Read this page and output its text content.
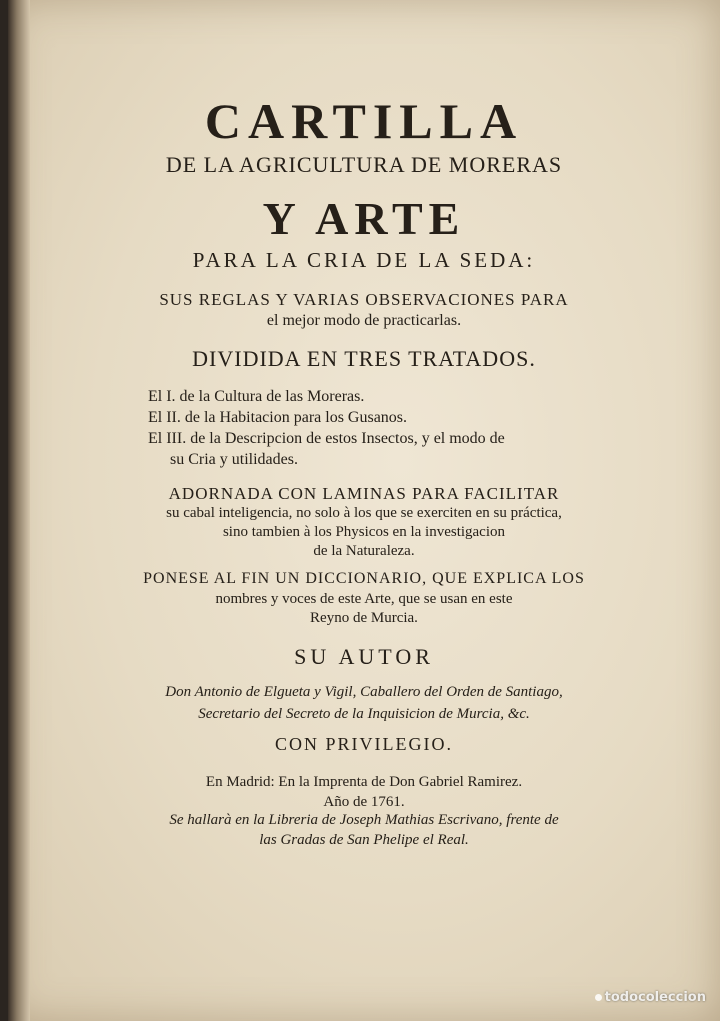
CARTILLA
DE LA AGRICULTURA DE MORERAS
Y ARTE
PARA LA CRIA DE LA SEDA:
SUS REGLAS Y VARIAS OBSERVACIONES PARA
el mejor modo de practicarlas.
DIVIDIDA EN TRES TRATADOS.
El I. de la Cultura de las Moreras.
El II. de la Habitacion para los Gusanos.
El III. de la Descripcion de estos Insectos, y el modo de
su Cria y utilidades.
ADORNADA CON LAMINAS PARA FACILITAR
su cabal inteligencia, no solo à los que se exerciten en su práctica,
sino tambien à los Physicos en la investigacion
de la Naturaleza.
PONESE AL FIN UN DICCIONARIO, QUE EXPLICA LOS
nombres y voces de este Arte, que se usan en este
Reyno de Murcia.
SU AUTOR
Don Antonio de Elgueta y Vigil, Caballero del Orden de Santiago,
Secretario del Secreto de la Inquisicion de Murcia, &c.
CON PRIVILEGIO.
En Madrid: En la Imprenta de Don Gabriel Ramirez.
Año de 1761.
Se hallarà en la Libreria de Joseph Mathias Escrivano, frente de
las Gradas de San Phelipe el Real.
todocoleccion
